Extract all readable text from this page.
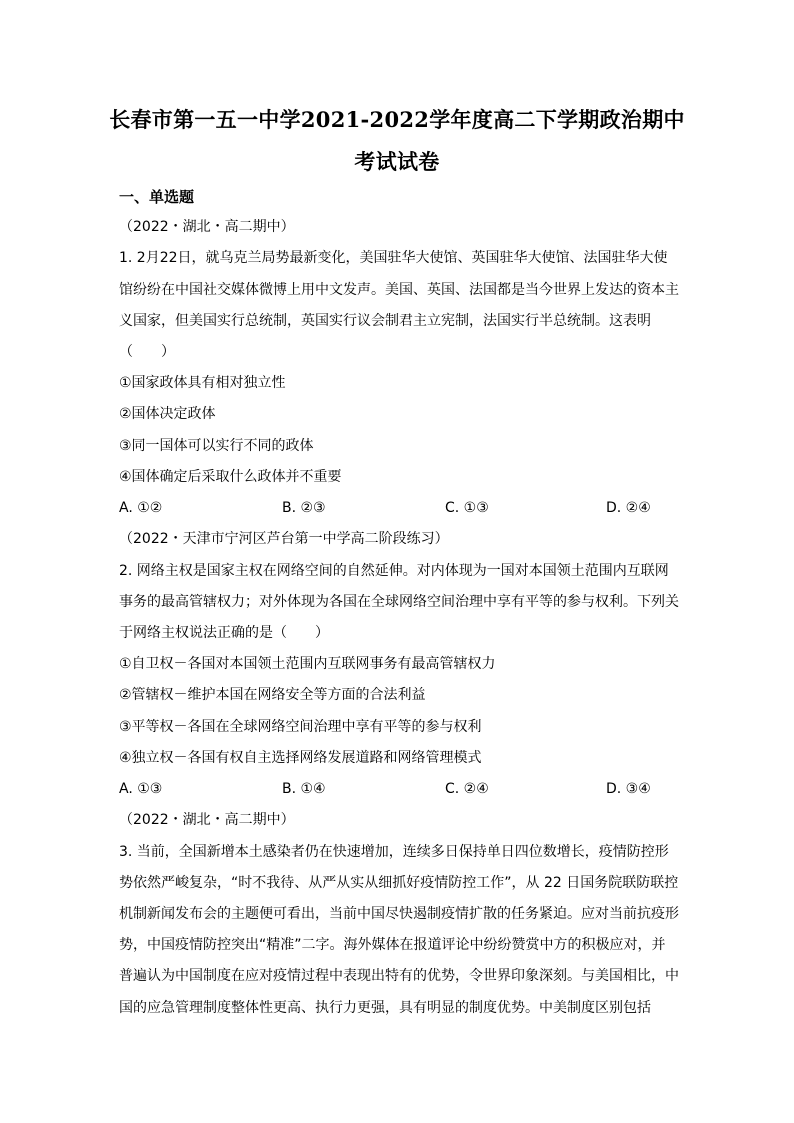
长春市第一五一中学2021-2022学年度高二下学期政治期中
考试试卷
一、单选题
（2022・湖北・高二期中）
1. 2月22日，就乌克兰局势最新变化，美国驻华大使馆、英国驻华大使馆、法国驻华大使
馆纷纷在中国社交媒体微博上用中文发声。美国、英国、法国都是当今世界上发达的资本主
义国家，但美国实行总统制，英国实行议会制君主立宪制，法国实行半总统制。这表明
（　　）
①国家政体具有相对独立性
②国体决定政体
③同一国体可以实行不同的政体
④国体确定后采取什么政体并不重要
A. ①②	B. ②③	C. ①③	D. ②④
（2022・天津市宁河区芦台第一中学高二阶段练习）
2. 网络主权是国家主权在网络空间的自然延伸。对内体现为一国对本国领土范围内互联网
事务的最高管辖权力；对外体现为各国在全球网络空间治理中享有平等的参与权利。下列关
于网络主权说法正确的是（　　）
①自卫权－各国对本国领土范围内互联网事务有最高管辖权力
②管辖权－维护本国在网络安全等方面的合法利益
③平等权－各国在全球网络空间治理中享有平等的参与权利
④独立权－各国有权自主选择网络发展道路和网络管理模式
A. ①③	B. ①④	C. ②④	D. ③④
（2022・湖北・高二期中）
3. 当前，全国新增本土感染者仍在快速增加，连续多日保持单日四位数增长，疫情防控形
势依然严峻复杂，“时不我待、从严从实从细抓好疫情防控工作”，从 22 日国务院联防联控
机制新闻发布会的主题便可看出，当前中国尽快遏制疫情扩散的任务紧迫。应对当前抗疫形
势，中国疫情防控突出“精准”二字。海外媒体在报道评论中纷纷赞赏中方的积极应对，并
普遍认为中国制度在应对疫情过程中表现出特有的优势，令世界印象深刻。与美国相比，中
国的应急管理制度整体性更高、执行力更强，具有明显的制度优势。中美制度区别包括
